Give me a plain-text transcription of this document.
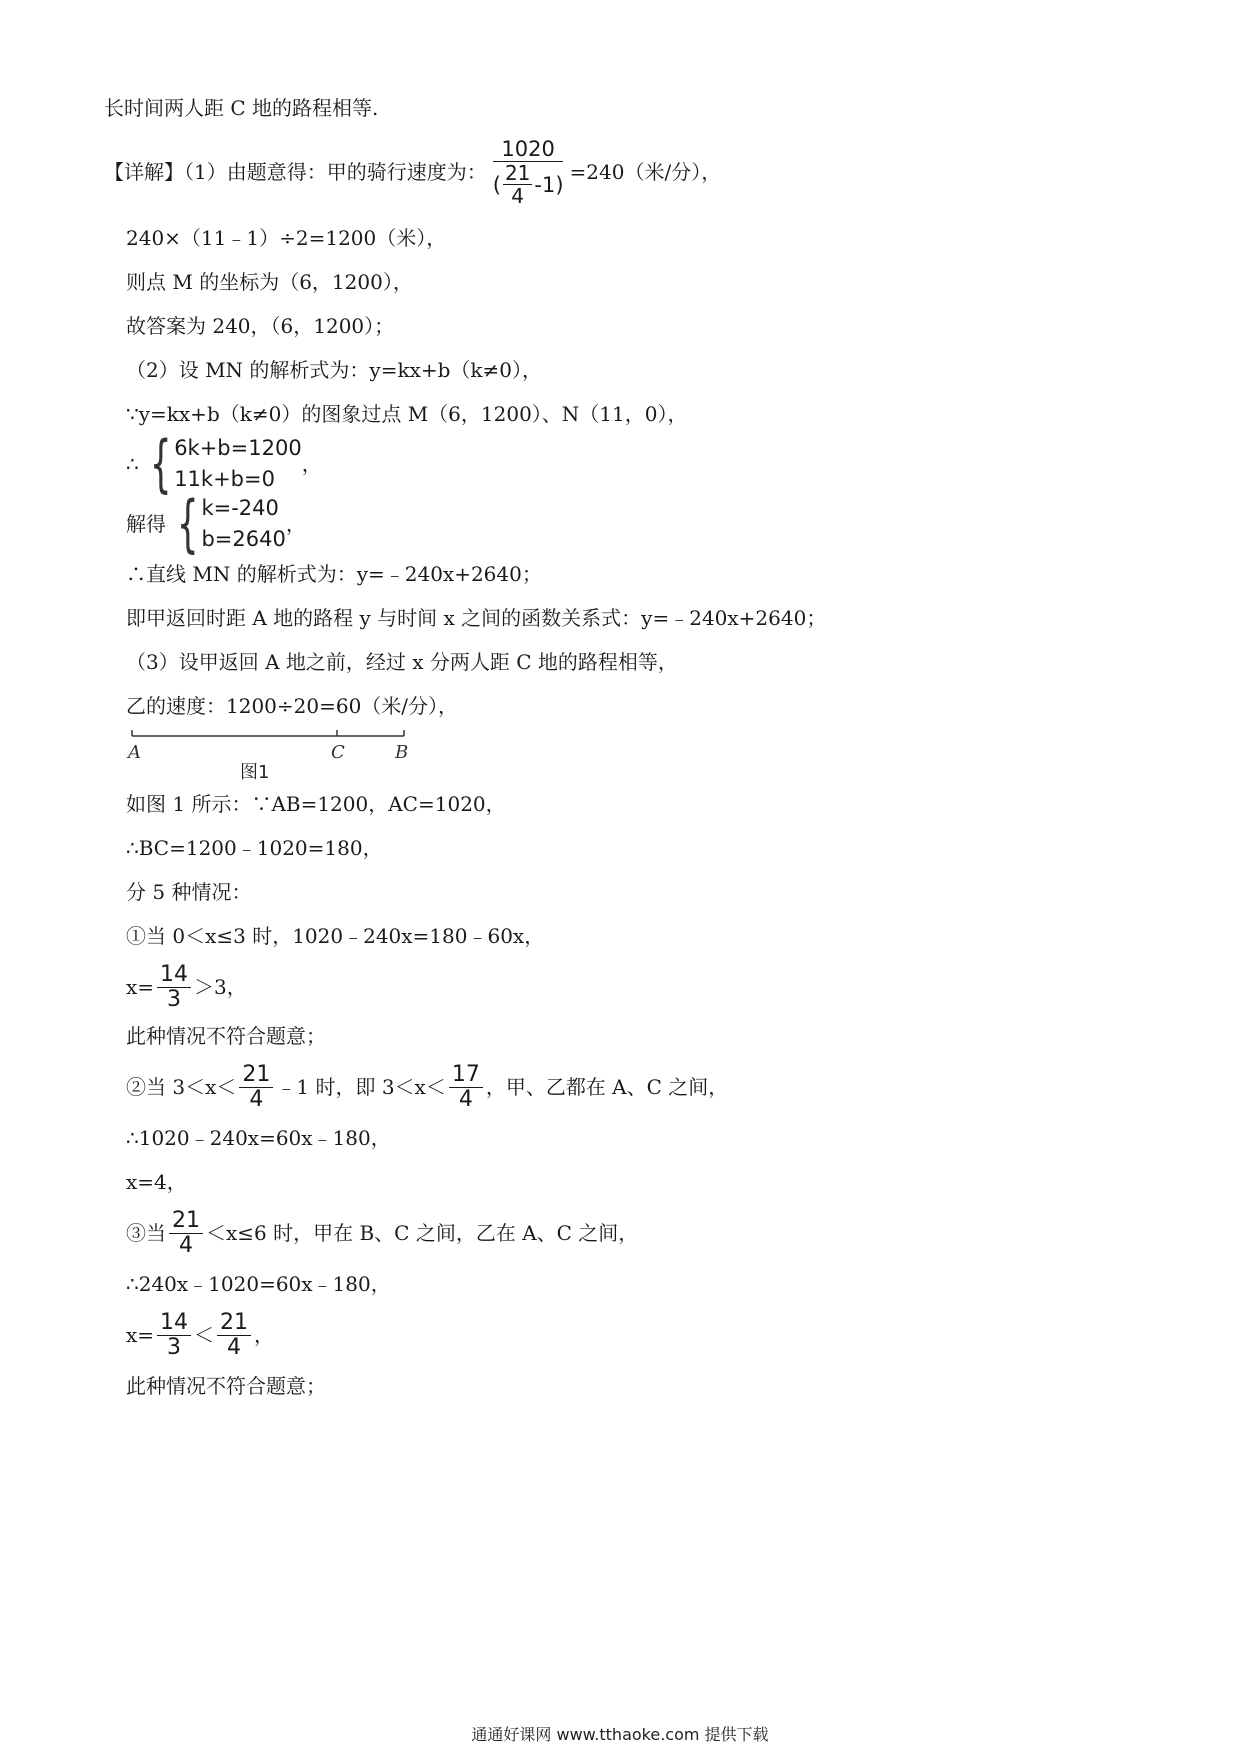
长时间两人距 C 地的路程相等.
【详解】（1）由题意得：甲的骑行速度为： 1020
( 21
4 -1) =240（米/分），
240×（11﹣1）÷2=1200（米），
则点 M 的坐标为（6，1200），
故答案为 240，（6，1200）；
（2）设 MN 的解析式为：y=kx+b（k≠0），
∵y=kx+b（k≠0）的图象过点 M（6，1200）、N（11，0），
∴ { 6k+b=1200
11k+b=0
，
解得 { k=-240
b=2640
，
∴直线 MN 的解析式为：y=﹣240x+2640；
即甲返回时距 A 地的路程 y 与时间 x 之间的函数关系式：y=﹣240x+2640；
（3）设甲返回 A 地之前，经过 x 分两人距 C 地的路程相等，
乙的速度：1200÷20=60（米/分），
A	C	B
图1
如图 1 所示：∵AB=1200，AC=1020，
∴BC=1200﹣1020=180，
分 5 种情况：
①当 0＜x≤3 时，1020﹣240x=180﹣60x，
$x= \frac{14}{3} >3$，
此种情况不符合题意；
②当 $3<x< \frac{21}{4}$ ﹣1 时，即 $3<x< \frac{17}{4}$ ，甲、乙都在 A、C 之间，
∴1020﹣240x=60x﹣180，
x=4，
③当 $\frac{21}{4} <x\le 6$ 时，甲在 B、C 之间，乙在 A、C 之间，
∴240x﹣1020=60x﹣180，
$x= \frac{14}{3} < \frac{21}{4}$ ，
此种情况不符合题意；
通通好课网 www.tthaoke.com 提供下载
